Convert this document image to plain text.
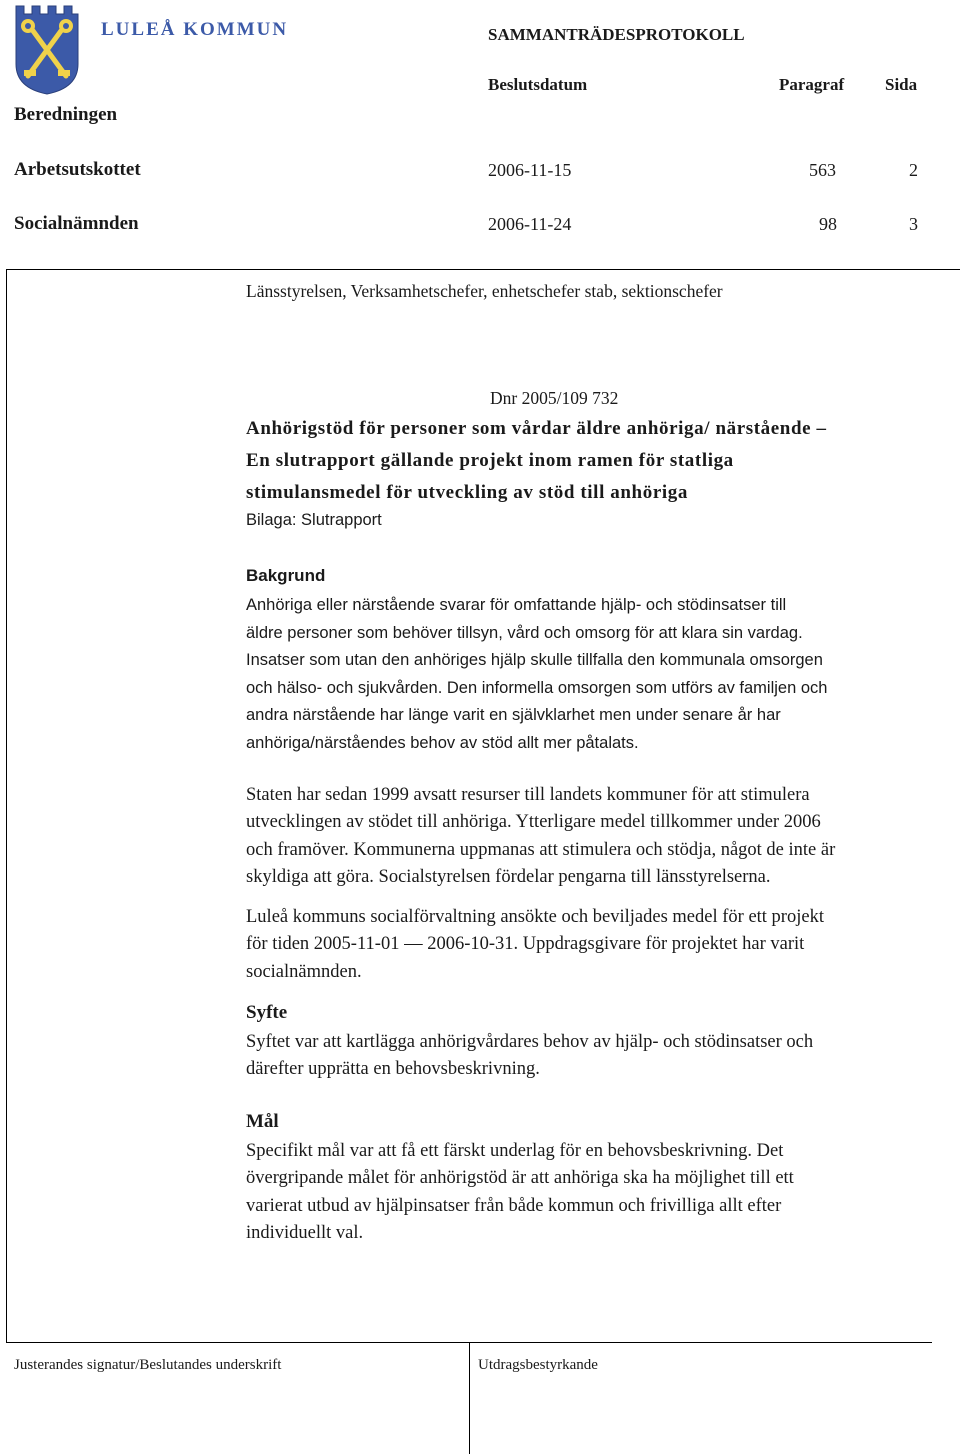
LULEÅ KOMMUN	SAMMANTRÄDESPROTOKOLL
Beslutsdatum	Paragraf Sida
Beredningen
Arbetsutskottet	2006-11-15	563	2
Socialnämnden	2006-11-24	98	3
Länsstyrelsen, Verksamhetschefer, enhetschefer stab, sektionschefer
Dnr 2005/109 732
Anhörigstöd för personer som vårdar äldre anhöriga/ närstående –
En slutrapport gällande projekt inom ramen för statliga
stimulansmedel för utveckling av stöd till anhöriga
Bilaga: Slutrapport
Bakgrund
Anhöriga eller närstående svarar för omfattande hjälp- och stödinsatser till
äldre personer som behöver tillsyn, vård och omsorg för att klara sin vardag.
Insatser som utan den anhöriges hjälp skulle tillfalla den kommunala omsorgen
och hälso- och sjukvården. Den informella omsorgen som utförs av familjen och
andra närstående har länge varit en självklarhet men under senare år har
anhöriga/närståendes behov av stöd allt mer påtalats.
Staten har sedan 1999 avsatt resurser till landets kommuner för att stimulera
utvecklingen av stödet till anhöriga. Ytterligare medel tillkommer under 2006
och framöver. Kommunerna uppmanas att stimulera och stödja, något de inte är
skyldiga att göra. Socialstyrelsen fördelar pengarna till länsstyrelserna.
Luleå kommuns socialförvaltning ansökte och beviljades medel för ett projekt
för tiden 2005-11-01 — 2006-10-31. Uppdragsgivare för projektet har varit
socialnämnden.
Syfte
Syftet var att kartlägga anhörigvårdares behov av hjälp- och stödinsatser och
därefter upprätta en behovsbeskrivning.
Mål
Specifikt mål var att få ett färskt underlag för en behovsbeskrivning. Det
övergripande målet för anhörigstöd är att anhöriga ska ha möjlighet till ett
varierat utbud av hjälpinsatser från både kommun och frivilliga allt efter
individuellt val.
Justerandes signatur/Beslutandes underskrift	Utdragsbestyrkande
